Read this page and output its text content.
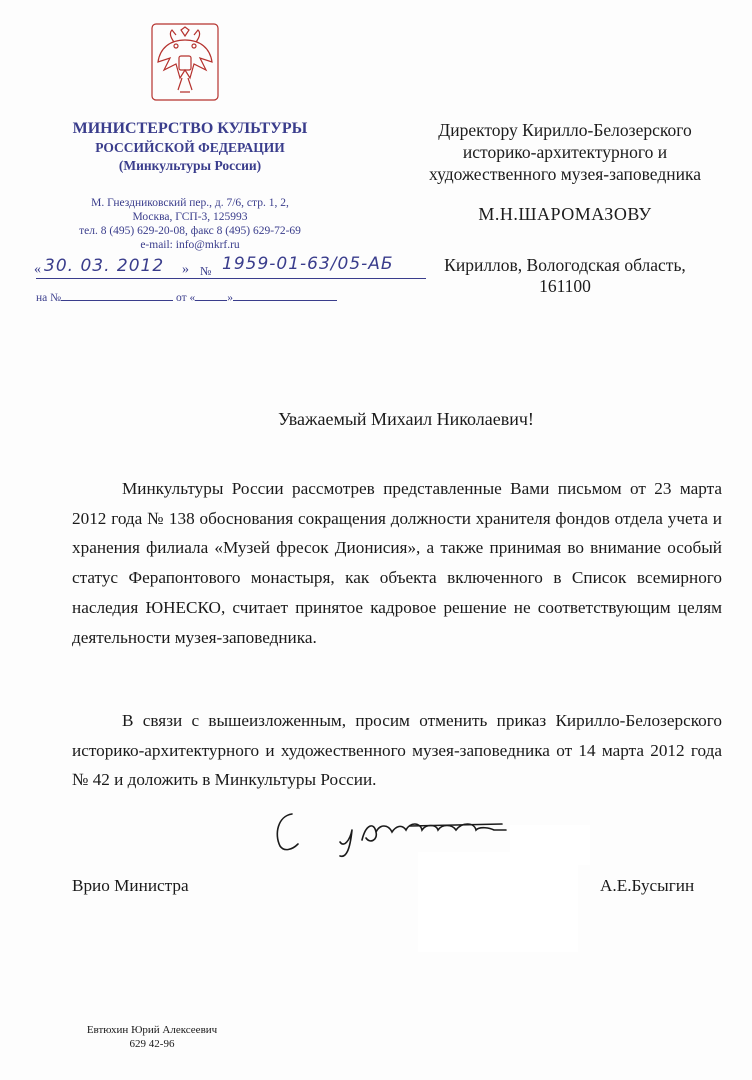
МИНИСТЕРСТВО КУЛЬТУРЫ
РОССИЙСКОЙ ФЕДЕРАЦИИ
(Минкультуры России)
М. Гнездниковский пер., д. 7/6, стр. 1, 2,
Москва, ГСП-3, 125993
тел. 8 (495) 629-20-08, факс 8 (495) 629-72-69
e-mail: info@mkrf.ru
« 30. 03. 2012 » № 1959-01-63/05-АБ
на №	от «	»
Директору Кирилло-Белозерского
историко-архитектурного и
художественного музея-заповедника
М.Н.ШАРОМАЗОВУ
Кириллов, Вологодская область,
161100
Уважаемый Михаил Николаевич!
Минкультуры России рассмотрев представленные Вами письмом от 23 марта 2012 года № 138 обоснования сокращения должности хранителя фондов отдела учета и хранения филиала «Музей фресок Дионисия», а также принимая во внимание особый статус Ферапонтового монастыря, как объекта включенного в Список всемирного наследия ЮНЕСКО, считает принятое кадровое решение не соответствующим целям деятельности музея-заповедника.
В связи с вышеизложенным, просим отменить приказ Кирилло-Белозерского историко-архитектурного и художественного музея-заповедника от 14 марта 2012 года № 42 и доложить в Минкультуры России.
Врио Министра	А.Е.Бусыгин
Евтюхин Юрий Алексеевич
629 42-96
